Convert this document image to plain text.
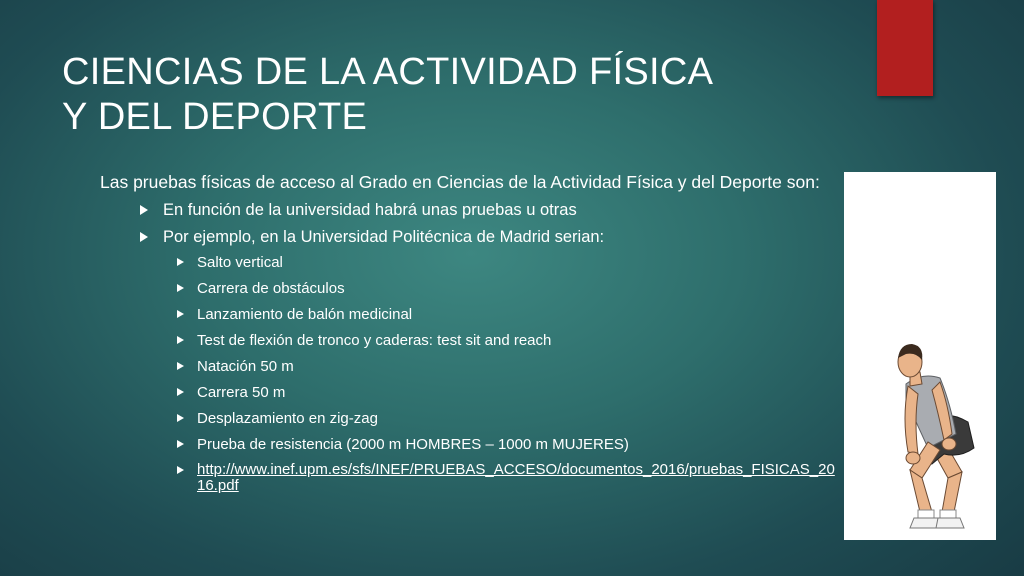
CIENCIAS DE LA ACTIVIDAD FÍSICA
Y DEL DEPORTE

Las pruebas físicas de acceso al Grado en Ciencias de la Actividad Física y del Deporte son:

En función de la universidad habrá unas pruebas u otras
Por ejemplo, en la Universidad Politécnica de Madrid serian:
Salto vertical
Carrera de obstáculos
Lanzamiento de balón medicinal
Test de flexión de tronco y caderas: test sit and reach
Natación 50 m
Carrera 50 m
Desplazamiento en zig-zag
Prueba de resistencia (2000 m HOMBRES – 1000 m MUJERES)
http://www.inef.upm.es/sfs/INEF/PRUEBAS_ACCESO/documentos_2016/pruebas_FISICAS_2016.pdf
